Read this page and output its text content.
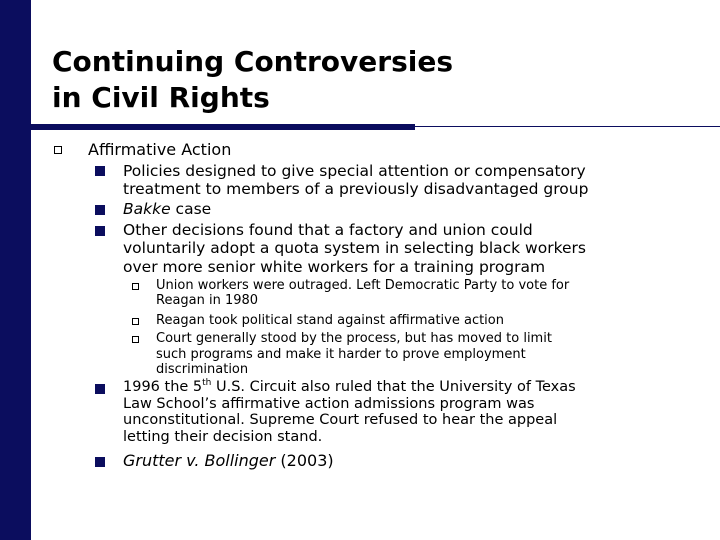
Continuing Controversies
in Civil Rights

Affirmative Action

Policies designed to give special attention or compensatory

treatment to members of a previously disadvantaged group

Bakke case

Other decisions found that a factory and union could

voluntarily adopt a quota system in selecting black workers

over more senior white workers for a training program

Union workers were outraged. Left Democratic Party to vote for

Reagan in 1980

Reagan took political stand against affirmative action

Court generally stood by the process, but has moved to limit

such programs and make it harder to prove employment

discrimination

1996 the 5th U.S. Circuit also ruled that the University of Texas

Law School’s affirmative action admissions program was

unconstitutional. Supreme Court refused to hear the appeal

letting their decision stand.

Grutter v. Bollinger (2003)
